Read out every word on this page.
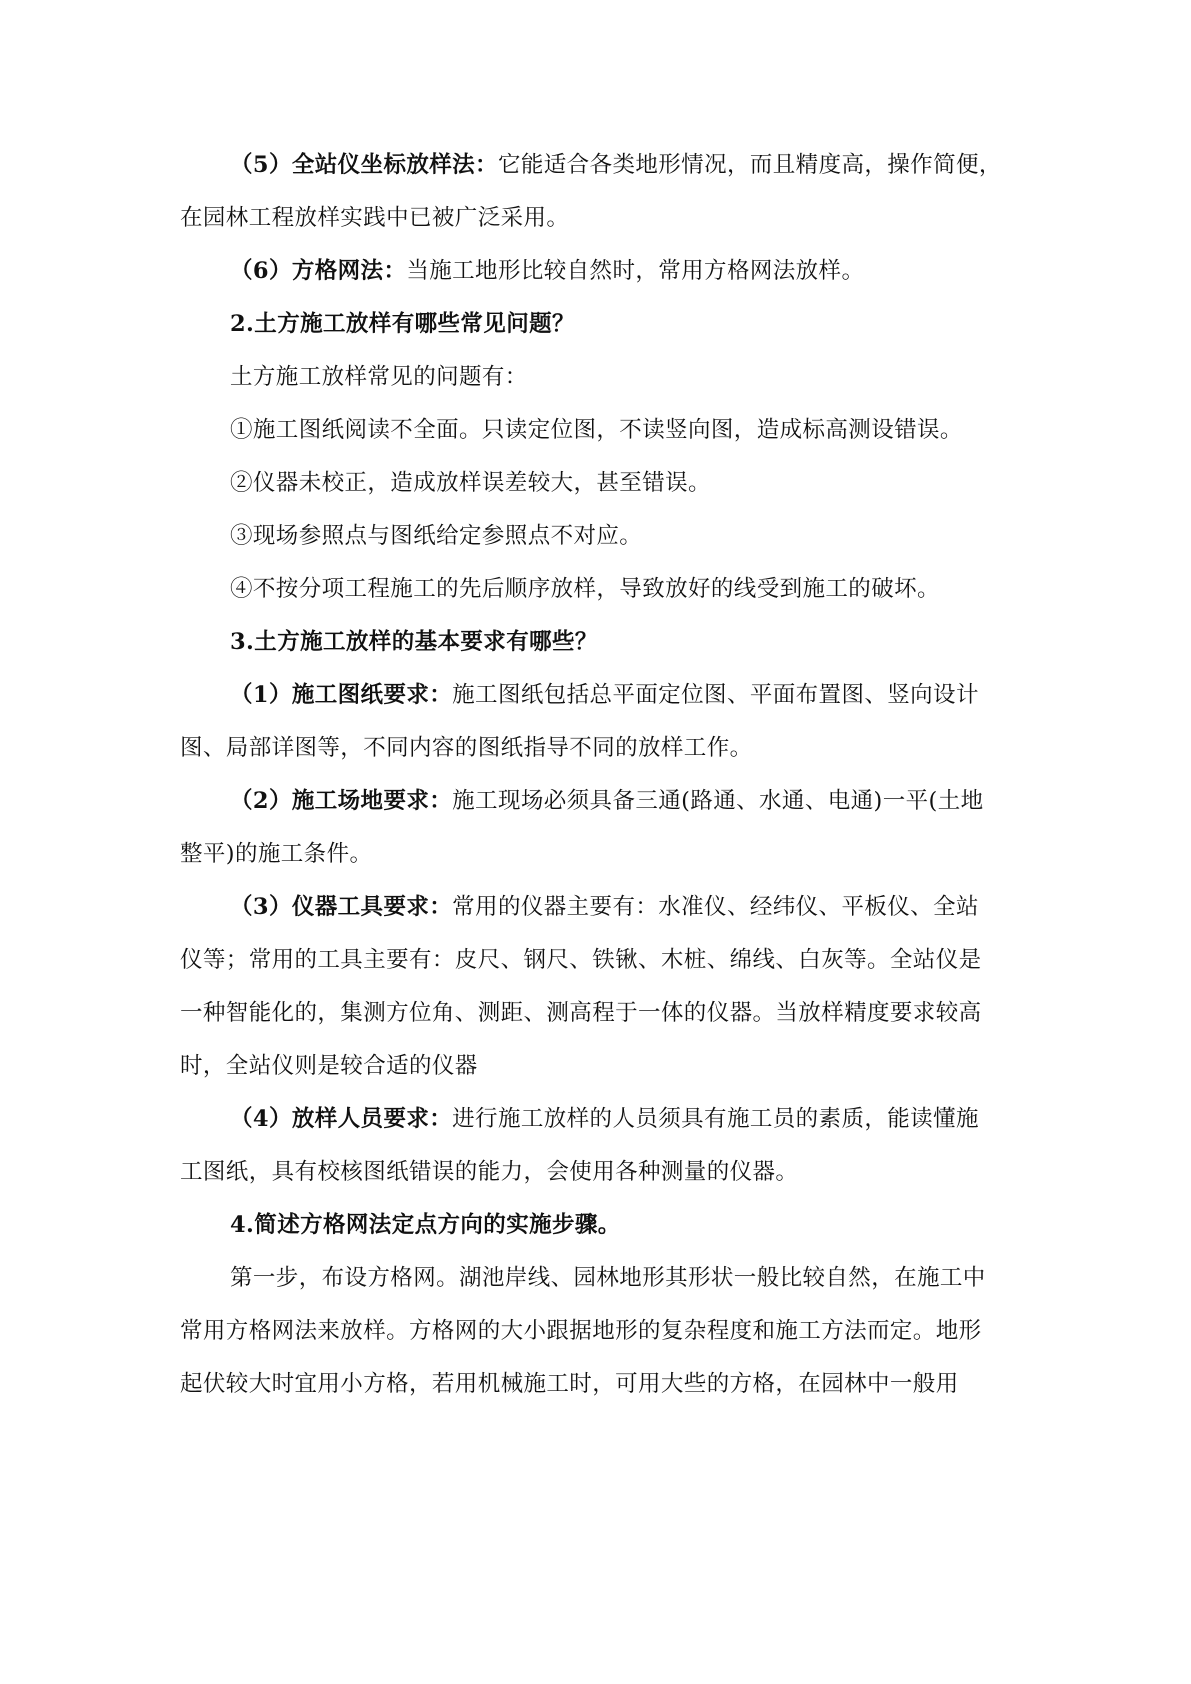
（5）全站仪坐标放样法：它能适合各类地形情况，而且精度高，操作简便，
在园林工程放样实践中已被广泛采用。
（6）方格网法：当施工地形比较自然时，常用方格网法放样。
2.土方施工放样有哪些常见问题？
土方施工放样常见的问题有：
①施工图纸阅读不全面。只读定位图，不读竖向图，造成标高测设错误。
②仪器未校正，造成放样误差较大，甚至错误。
③现场参照点与图纸给定参照点不对应。
④不按分项工程施工的先后顺序放样，导致放好的线受到施工的破坏。
3.土方施工放样的基本要求有哪些？
（1）施工图纸要求：施工图纸包括总平面定位图、平面布置图、竖向设计
图、局部详图等，不同内容的图纸指导不同的放样工作。
（2）施工场地要求：施工现场必须具备三通(路通、水通、电通)一平(土地
整平)的施工条件。
（3）仪器工具要求：常用的仪器主要有：水准仪、经纬仪、平板仪、全站
仪等；常用的工具主要有：皮尺、钢尺、铁锹、木桩、绵线、白灰等。全站仪是
一种智能化的，集测方位角、测距、测高程于一体的仪器。当放样精度要求较高
时，全站仪则是较合适的仪器
（4）放样人员要求：进行施工放样的人员须具有施工员的素质，能读懂施
工图纸，具有校核图纸错误的能力，会使用各种测量的仪器。
4.简述方格网法定点方向的实施步骤。
第一步，布设方格网。湖池岸线、园林地形其形状一般比较自然，在施工中
常用方格网法来放样。方格网的大小跟据地形的复杂程度和施工方法而定。地形
起伏较大时宜用小方格，若用机械施工时，可用大些的方格，在园林中一般用
